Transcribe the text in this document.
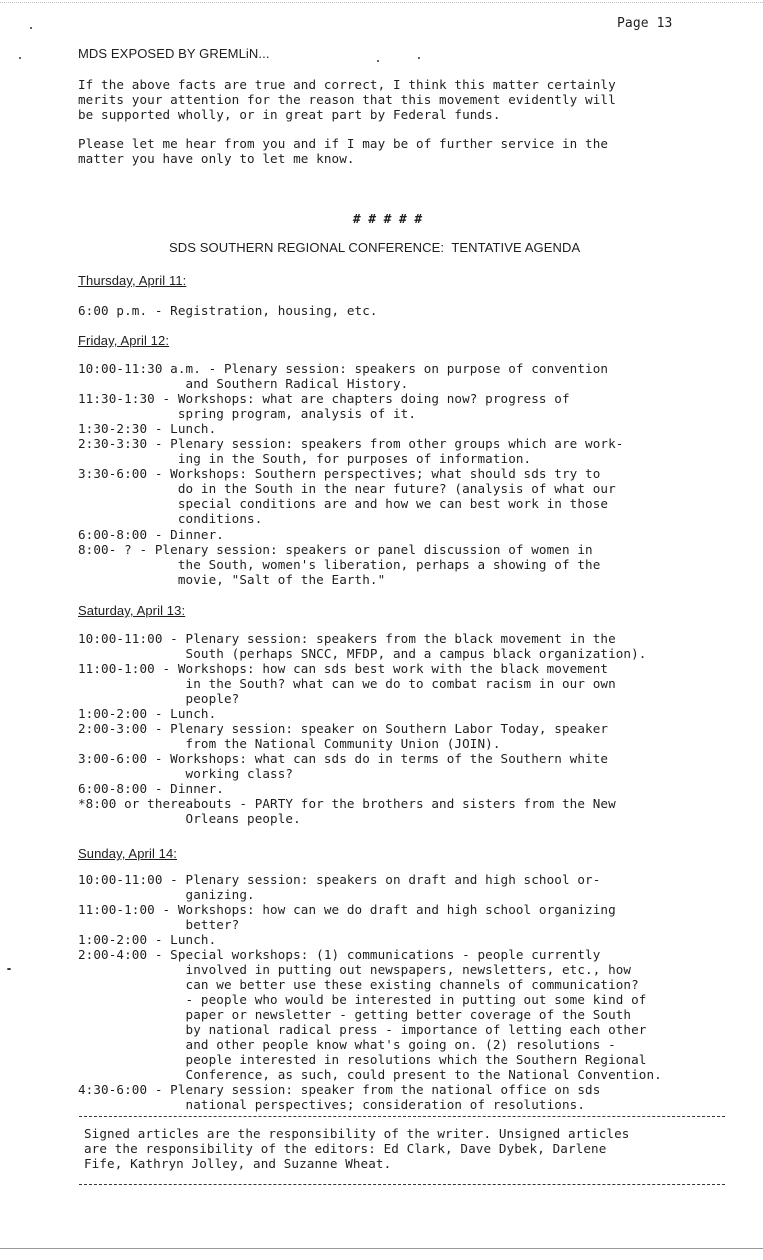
Page 13
MDS EXPOSED BY GREMLiN...
If the above facts are true and correct, I think this matter certainly
merits your attention for the reason that this movement evidently will
be supported wholly, or in great part by Federal funds.
Please let me hear from you and if I may be of further service in the
matter you have only to let me know.
# # # # #
SDS SOUTHERN REGIONAL CONFERENCE:  TENTATIVE AGENDA
Thursday, April 11:
6:00 p.m. - Registration, housing, etc.
Friday, April 12:
10:00-11:30 a.m. - Plenary session: speakers on purpose of convention
and Southern Radical History.
11:30-1:30 - Workshops: what are chapters doing now? progress of
spring program, analysis of it.
1:30-2:30 - Lunch.
2:30-3:30 - Plenary session: speakers from other groups which are work-
ing in the South, for purposes of information.
3:30-6:00 - Workshops: Southern perspectives; what should sds try to
do in the South in the near future? (analysis of what our
special conditions are and how we can best work in those
conditions.
6:00-8:00 - Dinner.
8:00- ? - Plenary session: speakers or panel discussion of women in
the South, women's liberation, perhaps a showing of the
movie, "Salt of the Earth."
Saturday, April 13:
10:00-11:00 - Plenary session: speakers from the black movement in the
South (perhaps SNCC, MFDP, and a campus black organization).
11:00-1:00 - Workshops: how can sds best work with the black movement
in the South? what can we do to combat racism in our own
people?
1:00-2:00 - Lunch.
2:00-3:00 - Plenary session: speaker on Southern Labor Today, speaker
from the National Community Union (JOIN).
3:00-6:00 - Workshops: what can sds do in terms of the Southern white
working class?
6:00-8:00 - Dinner.
*8:00 or thereabouts - PARTY for the brothers and sisters from the New
Orleans people.
Sunday, April 14:
10:00-11:00 - Plenary session: speakers on draft and high school or-
ganizing.
11:00-1:00 - Workshops: how can we do draft and high school organizing
better?
1:00-2:00 - Lunch.
2:00-4:00 - Special workshops: (1) communications - people currently
involved in putting out newspapers, newsletters, etc., how
can we better use these existing channels of communication?
- people who would be interested in putting out some kind of
paper or newsletter - getting better coverage of the South
by national radical press - importance of letting each other
and other people know what's going on. (2) resolutions -
people interested in resolutions which the Southern Regional
Conference, as such, could present to the National Convention.
4:30-6:00 - Plenary session: speaker from the national office on sds
national perspectives; consideration of resolutions.
Signed articles are the responsibility of the writer. Unsigned articles
are the responsibility of the editors: Ed Clark, Dave Dybek, Darlene
Fife, Kathryn Jolley, and Suzanne Wheat.
